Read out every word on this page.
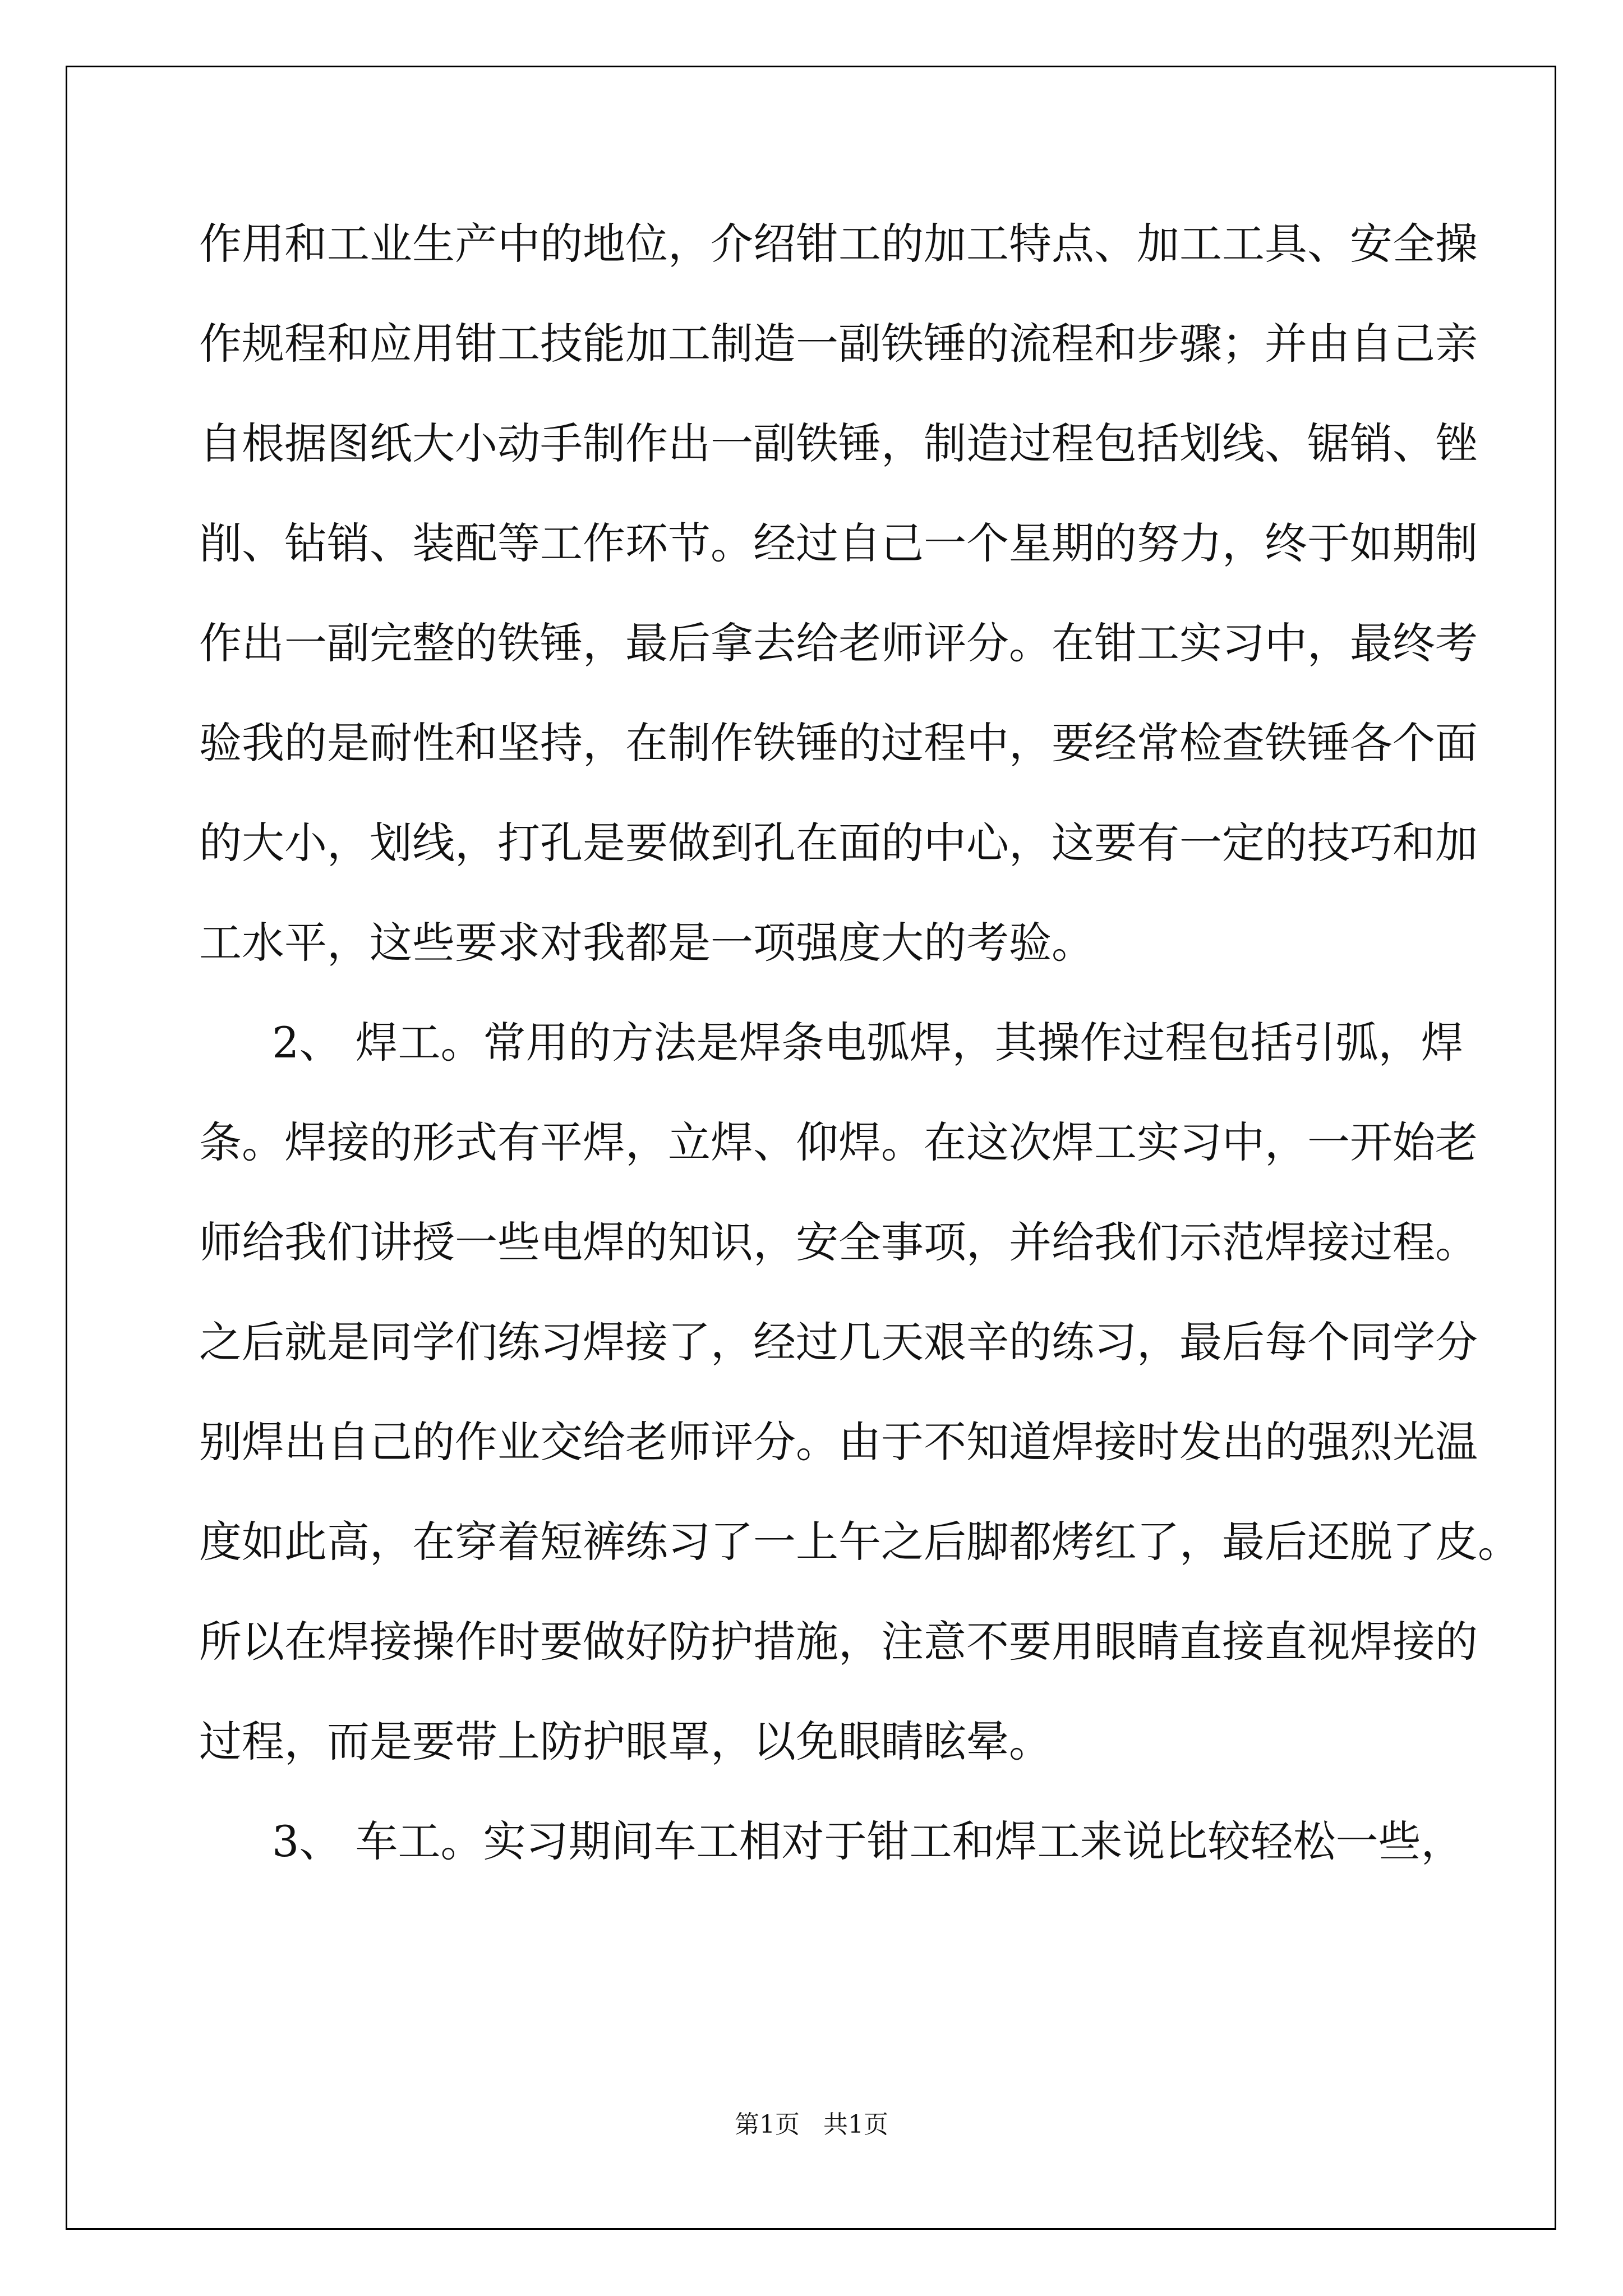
作用和工业生产中的地位，介绍钳工的加工特点、加工工具、安全操

作规程和应用钳工技能加工制造一副铁锤的流程和步骤；并由自己亲

自根据图纸大小动手制作出一副铁锤，制造过程包括划线、锯销、锉

削、钻销、装配等工作环节。经过自己一个星期的努力，终于如期制

作出一副完整的铁锤，最后拿去给老师评分。在钳工实习中，最终考

验我的是耐性和坚持，在制作铁锤的过程中，要经常检查铁锤各个面

的大小，划线，打孔是要做到孔在面的中心，这要有一定的技巧和加

工水平，这些要求对我都是一项强度大的考验。

2、 焊工。常用的方法是焊条电弧焊，其操作过程包括引弧，焊

条。焊接的形式有平焊，立焊、仰焊。在这次焊工实习中，一开始老

师给我们讲授一些电焊的知识，安全事项，并给我们示范焊接过程。

之后就是同学们练习焊接了，经过几天艰辛的练习，最后每个同学分

别焊出自己的作业交给老师评分。由于不知道焊接时发出的强烈光温

度如此高，在穿着短裤练习了一上午之后脚都烤红了，最后还脱了皮。

所以在焊接操作时要做好防护措施，注意不要用眼睛直接直视焊接的

过程，而是要带上防护眼罩，以免眼睛眩晕。

3、 车工。实习期间车工相对于钳工和焊工来说比较轻松一些，

第1页   共1页
